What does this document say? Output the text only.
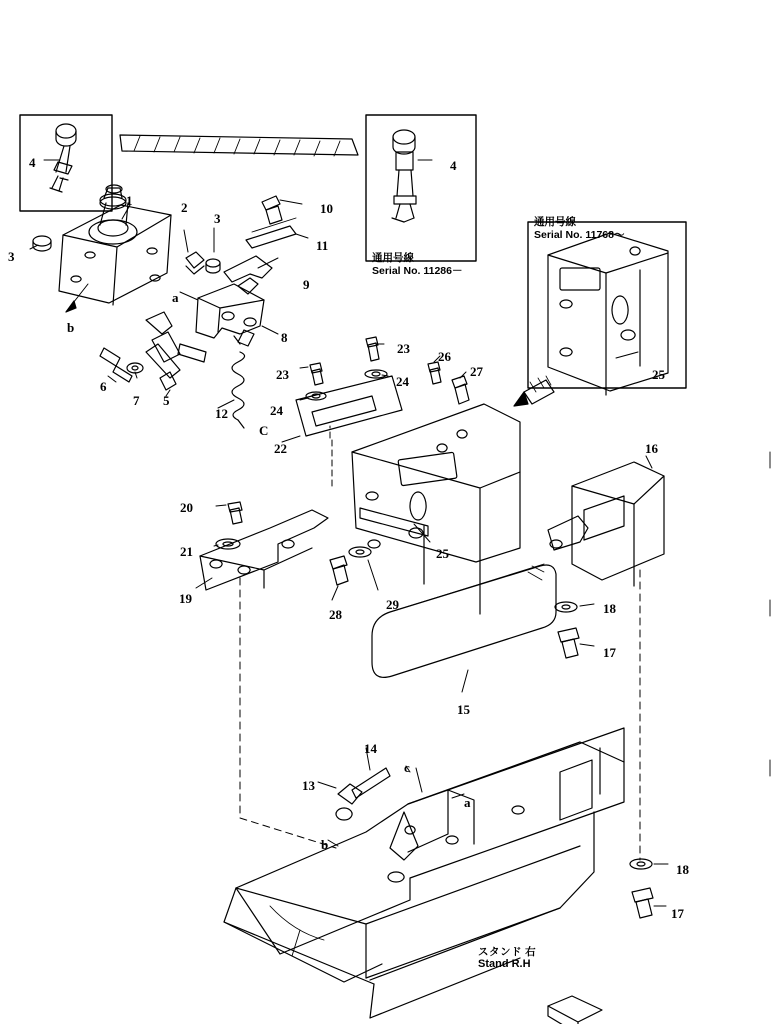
通用号線
Serial No. 11286－
通用号線
Serial No. 11768～
スタンド 右
Stand R.H
1	2
3
3
4	4
5
6
7
8
9
10
11
12
13
14
15
16
17
17
18
18
19
20
21
22
23
23	24
24
25
25
26
27
28
29
a
a
b
b
C
c
